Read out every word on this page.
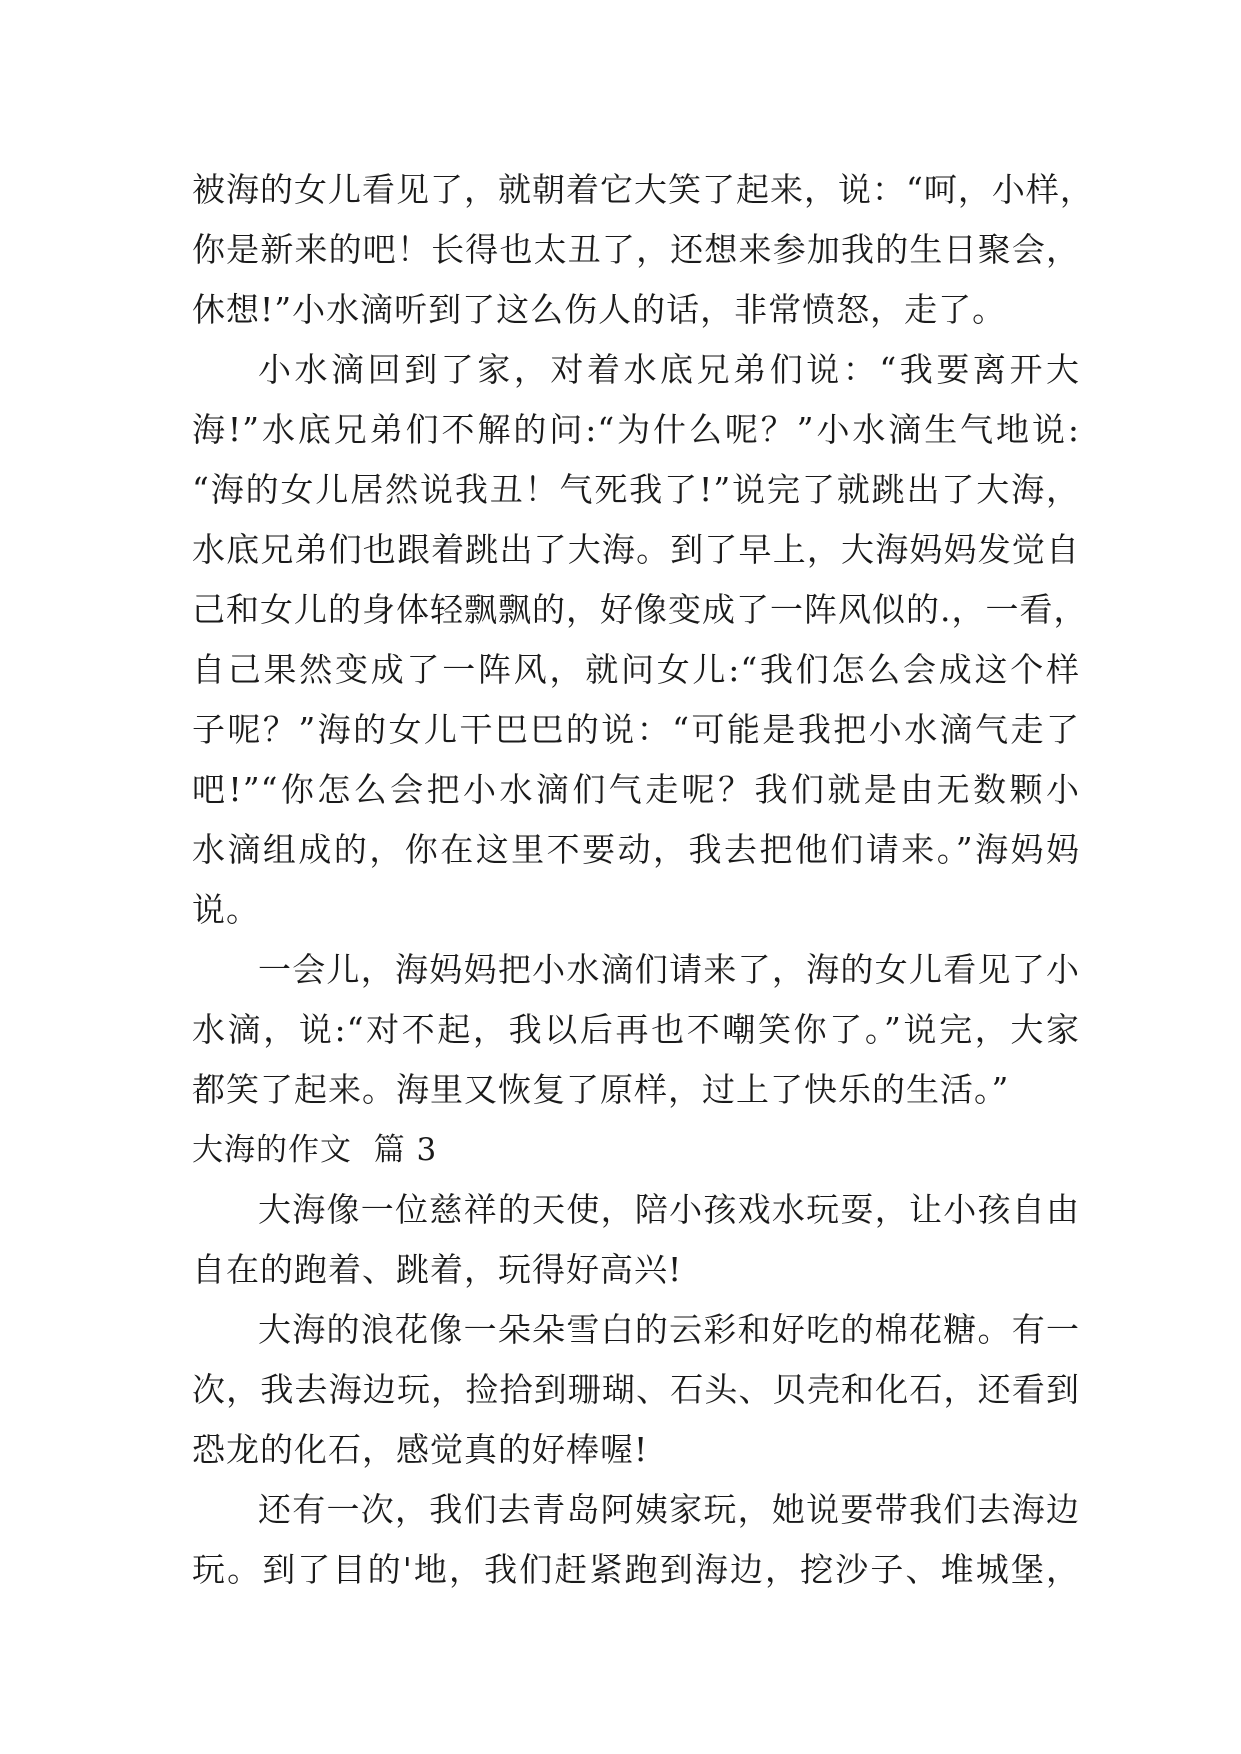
被海的女儿看见了，就朝着它大笑了起来，说：“呵，小样，
你是新来的吧！长得也太丑了，还想来参加我的生日聚会，
休想!”小水滴听到了这么伤人的话，非常愤怒，走了。
小水滴回到了家，对着水底兄弟们说：“我要离开大
海!”水底兄弟们不解的问:“为什么呢？”小水滴生气地说:
“海的女儿居然说我丑！气死我了!”说完了就跳出了大海，
水底兄弟们也跟着跳出了大海。到了早上，大海妈妈发觉自
己和女儿的身体轻飘飘的，好像变成了一阵风似的.，一看，
自己果然变成了一阵风，就问女儿:“我们怎么会成这个样
子呢？”海的女儿干巴巴的说：“可能是我把小水滴气走了
吧!”“你怎么会把小水滴们气走呢？我们就是由无数颗小
水滴组成的，你在这里不要动，我去把他们请来。”海妈妈
说。
一会儿，海妈妈把小水滴们请来了，海的女儿看见了小
水滴，说:“对不起，我以后再也不嘲笑你了。”说完，大家
都笑了起来。海里又恢复了原样，过上了快乐的生活。”
大海的作文  篇 3
大海像一位慈祥的天使，陪小孩戏水玩耍，让小孩自由
自在的跑着、跳着，玩得好高兴!
大海的浪花像一朵朵雪白的云彩和好吃的棉花糖。有一
次，我去海边玩，捡拾到珊瑚、石头、贝壳和化石，还看到
恐龙的化石，感觉真的好棒喔!
还有一次，我们去青岛阿姨家玩，她说要带我们去海边
玩。到了目的'地，我们赶紧跑到海边，挖沙子、堆城堡，
